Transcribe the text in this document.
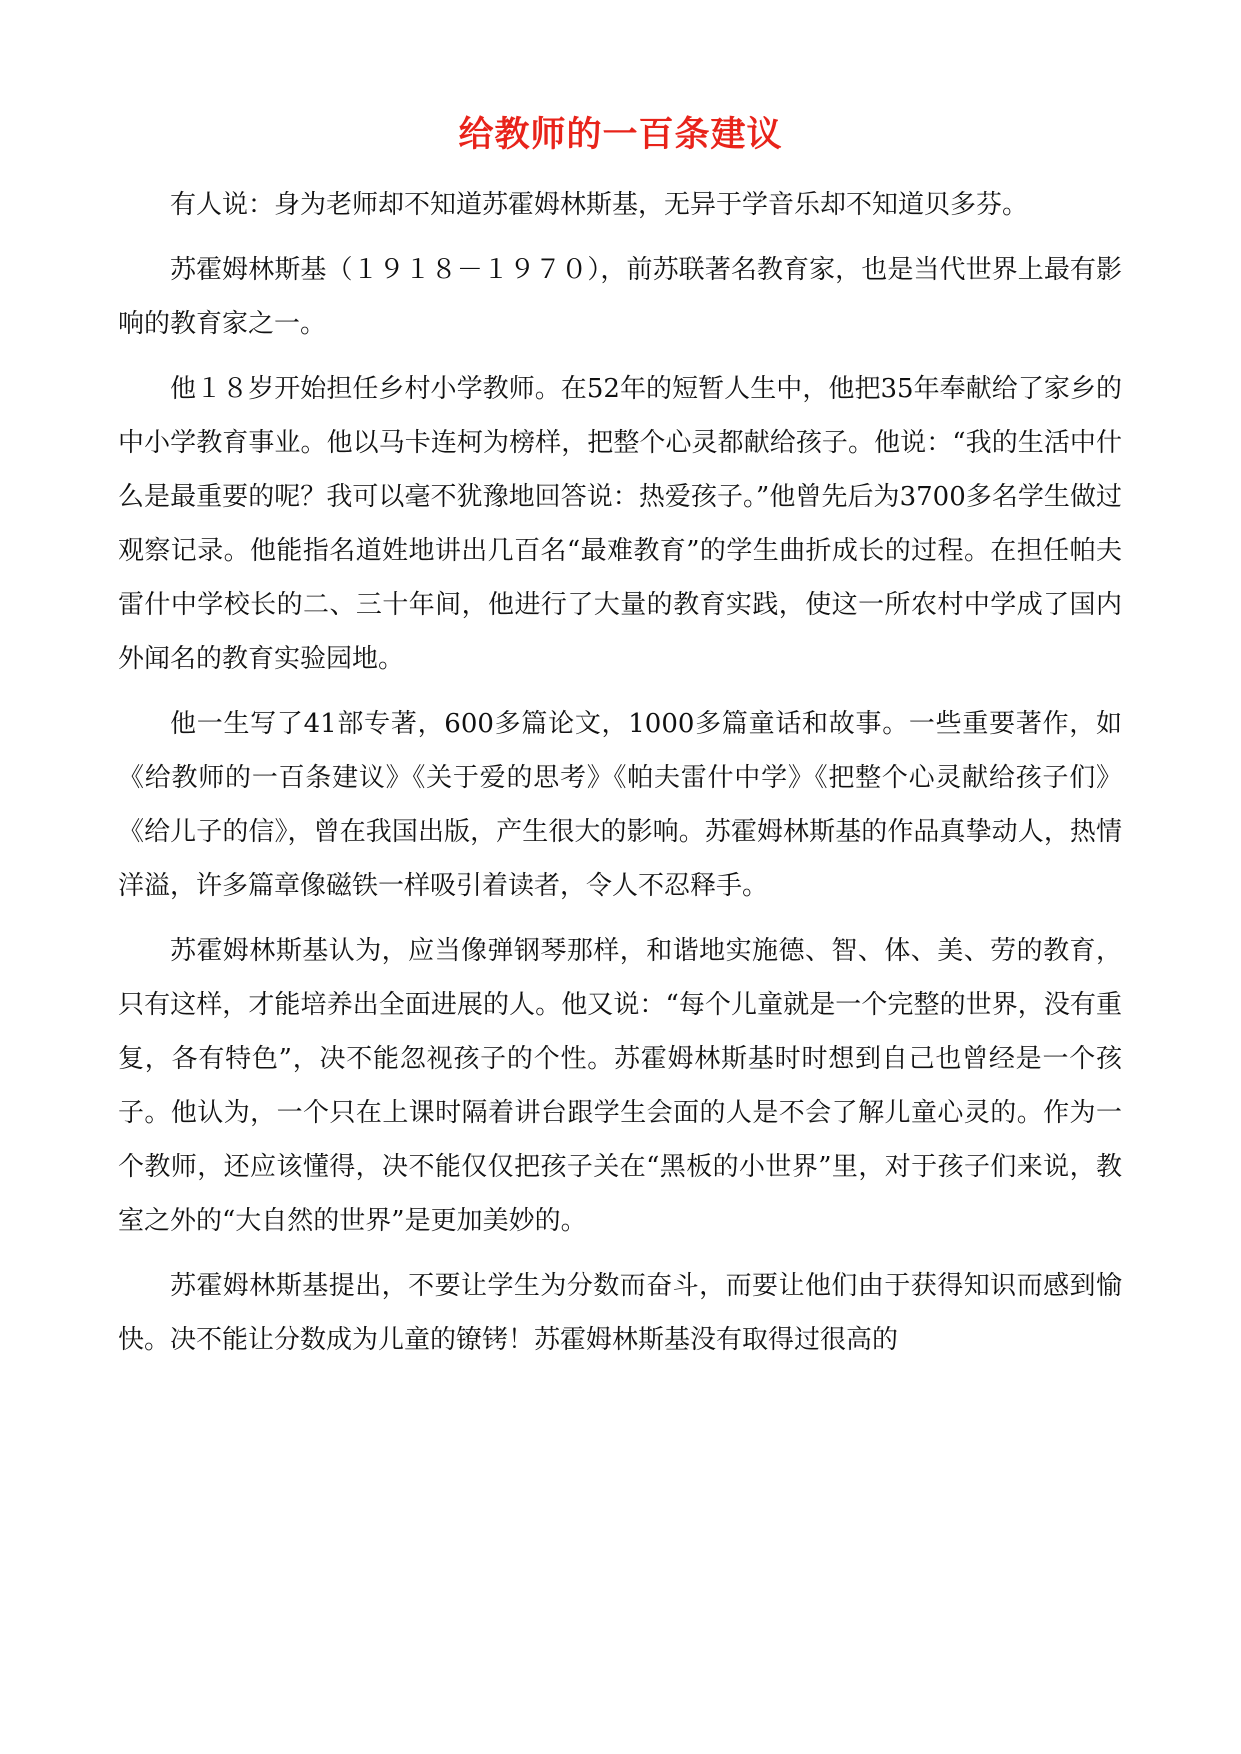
给教师的一百条建议

有人说：身为老师却不知道苏霍姆林斯基，无异于学音乐却不知道贝多芬。

苏霍姆林斯基（１９１８－１９７０），前苏联著名教育家，也是当代世界上最有影响的教育家之一。

他１８岁开始担任乡村小学教师。在52年的短暂人生中，他把35年奉献给了家乡的中小学教育事业。他以马卡连柯为榜样，把整个心灵都献给孩子。他说：“我的生活中什么是最重要的呢？我可以毫不犹豫地回答说：热爱孩子。”他曾先后为3700多名学生做过观察记录。他能指名道姓地讲出几百名“最难教育”的学生曲折成长的过程。在担任帕夫雷什中学校长的二、三十年间，他进行了大量的教育实践，使这一所农村中学成了国内外闻名的教育实验园地。

他一生写了41部专著，600多篇论文，1000多篇童话和故事。一些重要著作，如《给教师的一百条建议》《关于爱的思考》《帕夫雷什中学》《把整个心灵献给孩子们》《给儿子的信》，曾在我国出版，产生很大的影响。苏霍姆林斯基的作品真挚动人，热情洋溢，许多篇章像磁铁一样吸引着读者，令人不忍释手。

苏霍姆林斯基认为，应当像弹钢琴那样，和谐地实施德、智、体、美、劳的教育，只有这样，才能培养出全面进展的人。他又说：“每个儿童就是一个完整的世界，没有重复，各有特色”，决不能忽视孩子的个性。苏霍姆林斯基时时想到自己也曾经是一个孩子。他认为，一个只在上课时隔着讲台跟学生会面的人是不会了解儿童心灵的。作为一个教师，还应该懂得，决不能仅仅把孩子关在“黑板的小世界”里，对于孩子们来说，教室之外的“大自然的世界”是更加美妙的。

苏霍姆林斯基提出，不要让学生为分数而奋斗，而要让他们由于获得知识而感到愉快。决不能让分数成为儿童的镣铐！苏霍姆林斯基没有取得过很高的
